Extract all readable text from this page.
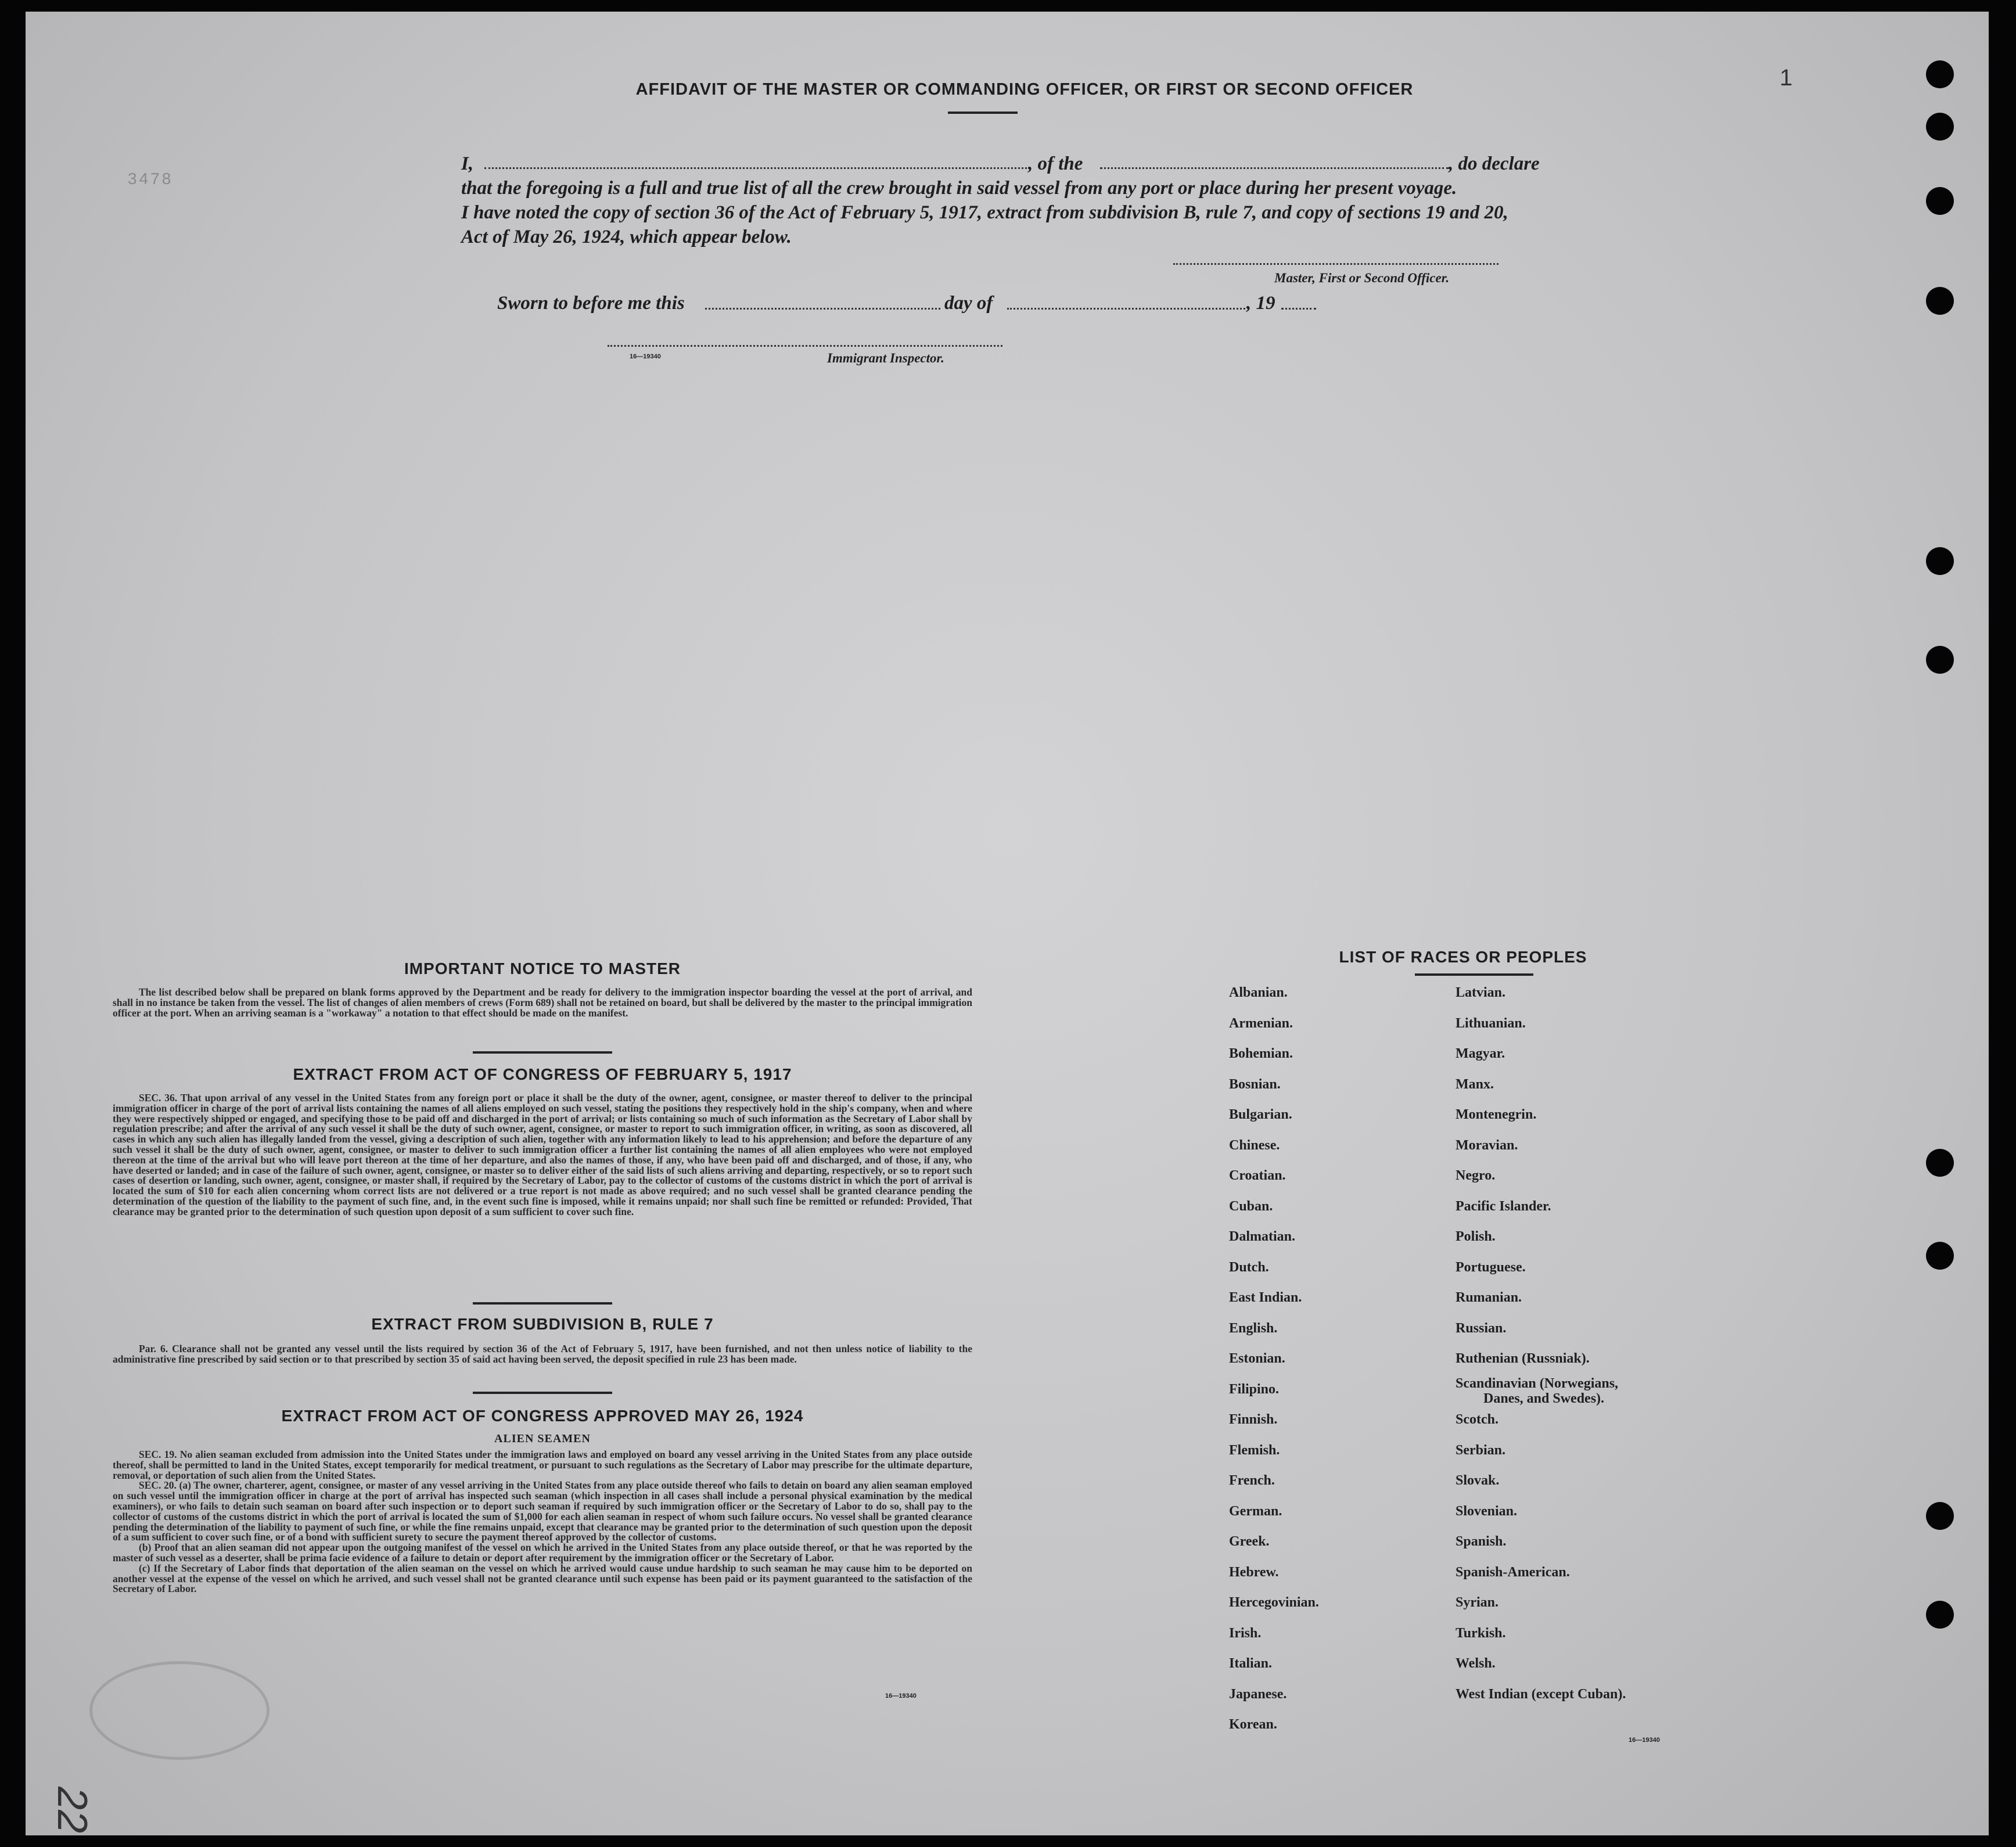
1
3478
22
AFFIDAVIT OF THE MASTER OR COMMANDING OFFICER, OR FIRST OR SECOND OFFICER
I,	, of the	, do declare
that the foregoing is a full and true list of all the crew brought in said vessel from any port or place during her present voyage.
I have noted the copy of section 36 of the Act of February 5, 1917, extract from subdivision B, rule 7, and copy of sections 19 and 20,
Act of May 26, 1924, which appear below.
Master, First or Second Officer.
Sworn to before me this	day of	, 19
16—19340	Immigrant Inspector.
IMPORTANT NOTICE TO MASTER

The list described below shall be prepared on blank forms approved by the Department and be ready for delivery to the immigration inspector boarding the vessel at the port of arrival, and shall in no instance be taken from the vessel. The list of changes of alien members of crews (Form 689) shall not be retained on board, but shall be delivered by the master to the principal immigration officer at the port. When an arriving seaman is a "workaway" a notation to that effect should be made on the manifest.

EXTRACT FROM ACT OF CONGRESS OF FEBRUARY 5, 1917

SEC. 36. That upon arrival of any vessel in the United States from any foreign port or place it shall be the duty of the owner, agent, consignee, or master thereof to deliver to the principal immigration officer in charge of the port of arrival lists containing the names of all aliens employed on such vessel, stating the positions they respectively hold in the ship's company, when and where they were respectively shipped or engaged, and specifying those to be paid off and discharged in the port of arrival; or lists containing so much of such information as the Secretary of Labor shall by regulation prescribe; and after the arrival of any such vessel it shall be the duty of such owner, agent, consignee, or master to report to such immigration officer, in writing, as soon as discovered, all cases in which any such alien has illegally landed from the vessel, giving a description of such alien, together with any information likely to lead to his apprehension; and before the departure of any such vessel it shall be the duty of such owner, agent, consignee, or master to deliver to such immigration officer a further list containing the names of all alien employees who were not employed thereon at the time of the arrival but who will leave port thereon at the time of her departure, and also the names of those, if any, who have been paid off and discharged, and of those, if any, who have deserted or landed; and in case of the failure of such owner, agent, consignee, or master so to deliver either of the said lists of such aliens arriving and departing, respectively, or so to report such cases of desertion or landing, such owner, agent, consignee, or master shall, if required by the Secretary of Labor, pay to the collector of customs of the customs district in which the port of arrival is located the sum of $10 for each alien concerning whom correct lists are not delivered or a true report is not made as above required; and no such vessel shall be granted clearance pending the determination of the question of the liability to the payment of such fine, and, in the event such fine is imposed, while it remains unpaid; nor shall such fine be remitted or refunded: Provided, That clearance may be granted prior to the determination of such question upon deposit of a sum sufficient to cover such fine.

EXTRACT FROM SUBDIVISION B, RULE 7

Par. 6. Clearance shall not be granted any vessel until the lists required by section 36 of the Act of February 5, 1917, have been furnished, and not then unless notice of liability to the administrative fine prescribed by said section or to that prescribed by section 35 of said act having been served, the deposit specified in rule 23 has been made.

EXTRACT FROM ACT OF CONGRESS APPROVED MAY 26, 1924
ALIEN SEAMEN

SEC. 19. No alien seaman excluded from admission into the United States under the immigration laws and employed on board any vessel arriving in the United States from any place outside thereof, shall be permitted to land in the United States, except temporarily for medical treatment, or pursuant to such regulations as the Secretary of Labor may prescribe for the ultimate departure, removal, or deportation of such alien from the United States.

SEC. 20. (a) The owner, charterer, agent, consignee, or master of any vessel arriving in the United States from any place outside thereof who fails to detain on board any alien seaman employed on such vessel until the immigration officer in charge at the port of arrival has inspected such seaman (which inspection in all cases shall include a personal physical examination by the medical examiners), or who fails to detain such seaman on board after such inspection or to deport such seaman if required by such immigration officer or the Secretary of Labor to do so, shall pay to the collector of customs of the customs district in which the port of arrival is located the sum of $1,000 for each alien seaman in respect of whom such failure occurs. No vessel shall be granted clearance pending the determination of the liability to payment of such fine, or while the fine remains unpaid, except that clearance may be granted prior to the determination of such question upon the deposit of a sum sufficient to cover such fine, or of a bond with sufficient surety to secure the payment thereof approved by the collector of customs.

(b) Proof that an alien seaman did not appear upon the outgoing manifest of the vessel on which he arrived in the United States from any place outside thereof, or that he was reported by the master of such vessel as a deserter, shall be prima facie evidence of a failure to detain or deport after requirement by the immigration officer or the Secretary of Labor.

(c) If the Secretary of Labor finds that deportation of the alien seaman on the vessel on which he arrived would cause undue hardship to such seaman he may cause him to be deported on another vessel at the expense of the vessel on which he arrived, and such vessel shall not be granted clearance until such expense has been paid or its payment guaranteed to the satisfaction of the Secretary of Labor.

16—19340
LIST OF RACES OR PEOPLES
16—19340
Albanian.
Armenian.
Bohemian.
Bosnian.
Bulgarian.
Chinese.
Croatian.
Cuban.
Dalmatian.
Dutch.
East Indian.
English.
Estonian.
Filipino.
Finnish.
Flemish.
French.
German.
Greek.
Hebrew.
Hercegovinian.
Irish.
Italian.
Japanese.
Korean.
Latvian.
Lithuanian.
Magyar.
Manx.
Montenegrin.
Moravian.
Negro.
Pacific Islander.
Polish.
Portuguese.
Rumanian.
Russian.
Ruthenian (Russniak).
Scandinavian (Norwegians,
Danes, and Swedes).
Scotch.
Serbian.
Slovak.
Slovenian.
Spanish.
Spanish-American.
Syrian.
Turkish.
Welsh.
West Indian (except Cuban).
